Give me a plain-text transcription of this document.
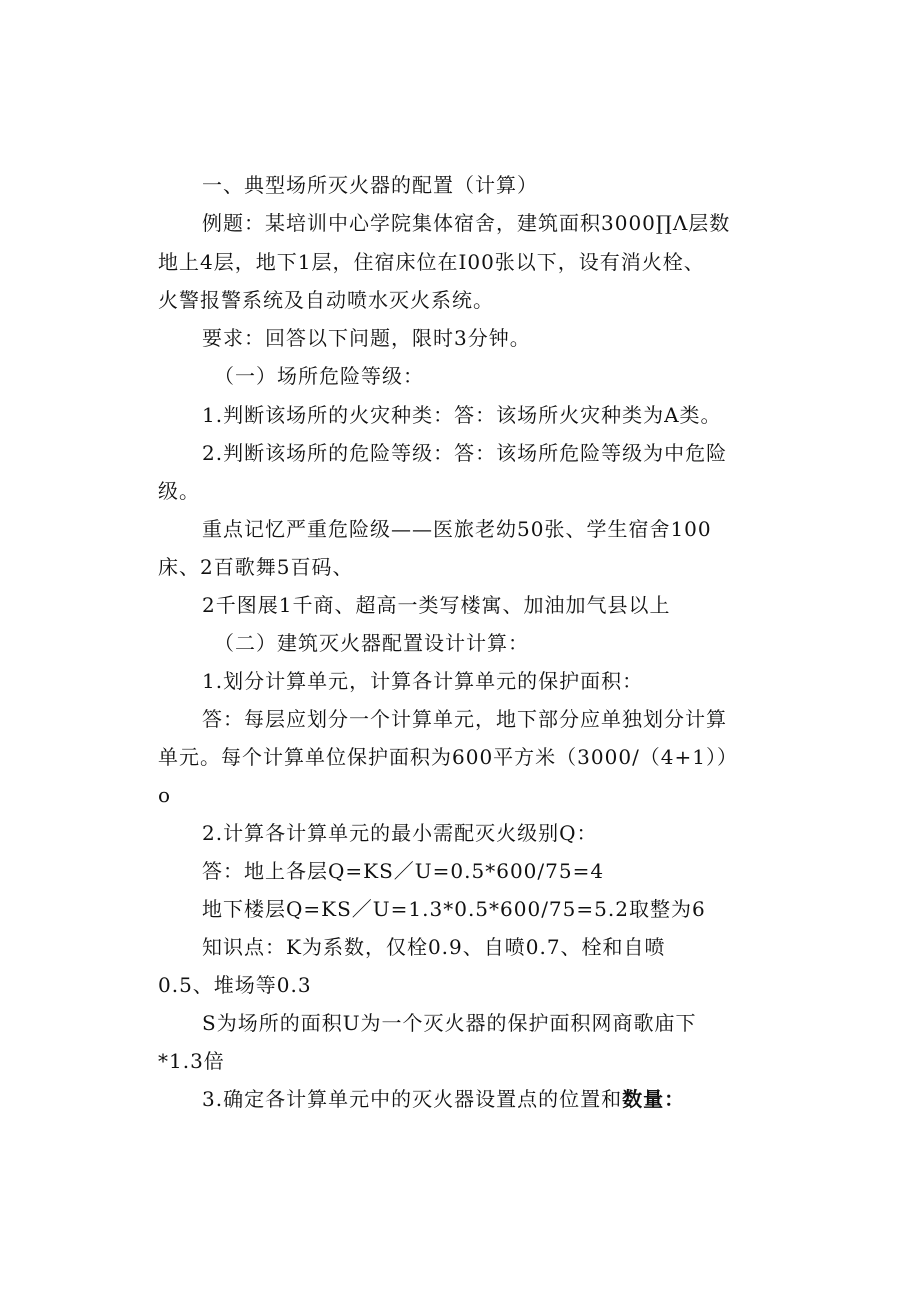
一、典型场所灭火器的配置（计算）
例题：某培训中心学院集体宿舍，建筑面积3000∏Λ层数
地上4层，地下1层，住宿床位在I00张以下，设有消火栓、
火警报警系统及自动喷水灭火系统。
要求：回答以下问题，限时3分钟。
（一）场所危险等级：
1.判断该场所的火灾种类：答：该场所火灾种类为A类。
2.判断该场所的危险等级：答：该场所危险等级为中危险
级。
重点记忆严重危险级——医旅老幼50张、学生宿舍100
床、2百歌舞5百码、
2千图展1千商、超高一类写楼寓、加油加气县以上
（二）建筑灭火器配置设计计算：
1.划分计算单元，计算各计算单元的保护面积：
答：每层应划分一个计算单元，地下部分应单独划分计算
单元。每个计算单位保护面积为600平方米（3000/（4+1））
o
2.计算各计算单元的最小需配灭火级别Q：
答：地上各层Q=KS／U=0.5*600/75=4
地下楼层Q=KS／U=1.3*0.5*600/75=5.2取整为6
知识点：K为系数，仅栓0.9、自喷0.7、栓和自喷
0.5、堆场等0.3
S为场所的面积U为一个灭火器的保护面积网商歌庙下
*1.3倍
3.确定各计算单元中的灭火器设置点的位置和数量：
